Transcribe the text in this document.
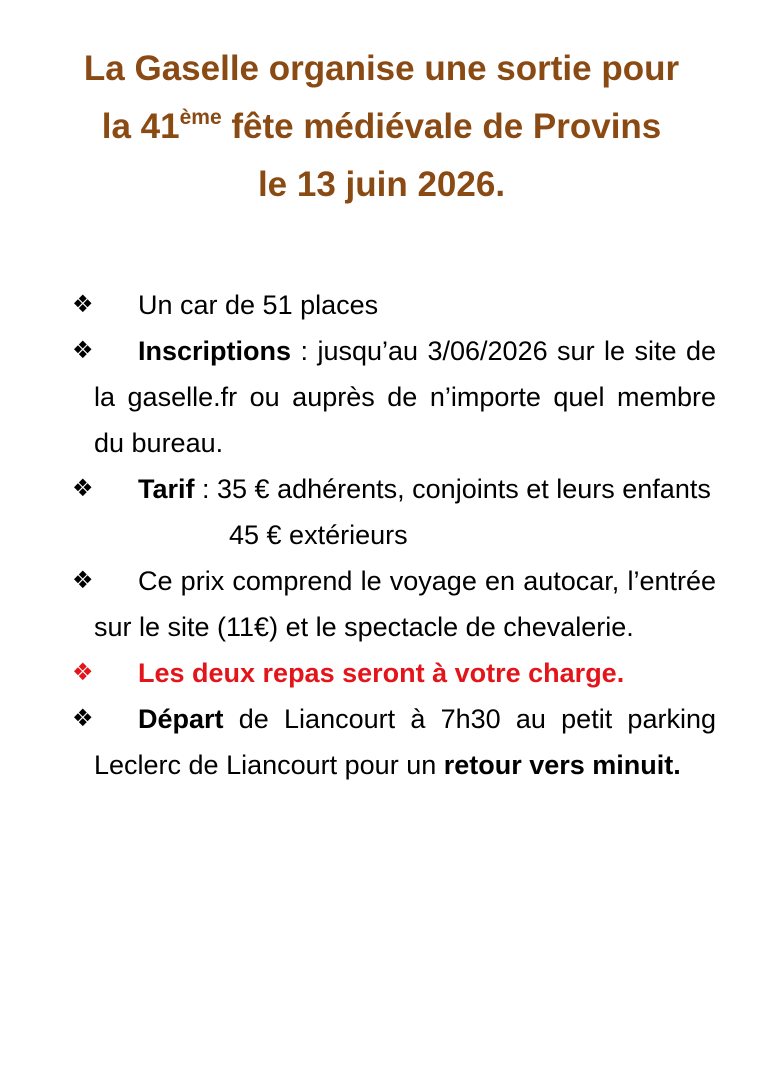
La Gaselle organise une sortie pour
la 41ème fête médiévale de Provins
le 13 juin 2026.
❖ Un car de 51 places
❖ Inscriptions : jusqu’au 3/06/2026 sur le site de la gaselle.fr ou auprès de n’importe quel membre du bureau.
❖ Tarif : 35 € adhérents, conjoints et leurs enfants
45 € extérieurs
❖ Ce prix comprend le voyage en autocar, l’entrée sur le site (11€) et le spectacle de chevalerie.
❖ Les deux repas seront à votre charge.
❖ Départ de Liancourt à 7h30 au petit parking Leclerc de Liancourt pour un retour vers minuit.
